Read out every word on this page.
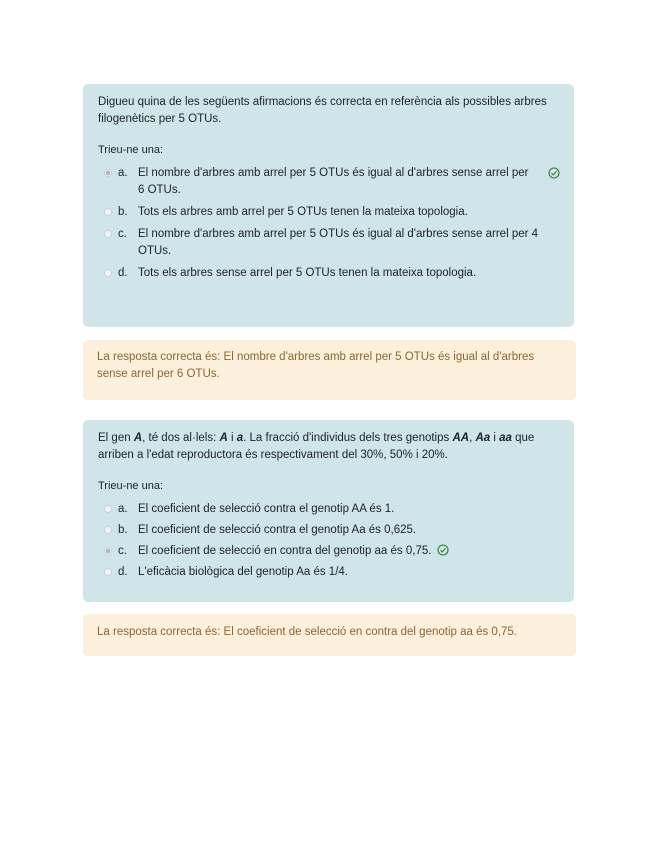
Digueu quina de les següents afirmacions és correcta en referència als possibles arbres filogenètics per 5 OTUs.

Trieu-ne una:

a. El nombre d'arbres amb arrel per 5 OTUs és igual al d'arbres sense arrel per 6 OTUs.
b. Tots els arbres amb arrel per 5 OTUs tenen la mateixa topologia.
c. El nombre d'arbres amb arrel per 5 OTUs és igual al d'arbres sense arrel per 4 OTUs.
d. Tots els arbres sense arrel per 5 OTUs tenen la mateixa topologia.
La resposta correcta és: El nombre d'arbres amb arrel per 5 OTUs és igual al d'arbres sense arrel per 6 OTUs.

El gen A, té dos al·lels: A i a. La fracció d'individus dels tres genotips AA, Aa i aa que arriben a l'edat reproductora és respectivament del 30%, 50% i 20%.

Trieu-ne una:

a. El coeficient de selecció contra el genotip AA és 1.
b. El coeficient de selecció contra el genotip Aa és 0,625.
c. El coeficient de selecció en contra del genotip aa és 0,75.
d. L'eficàcia biològica del genotip Aa és 1/4.
La resposta correcta és: El coeficient de selecció en contra del genotip aa és 0,75.
